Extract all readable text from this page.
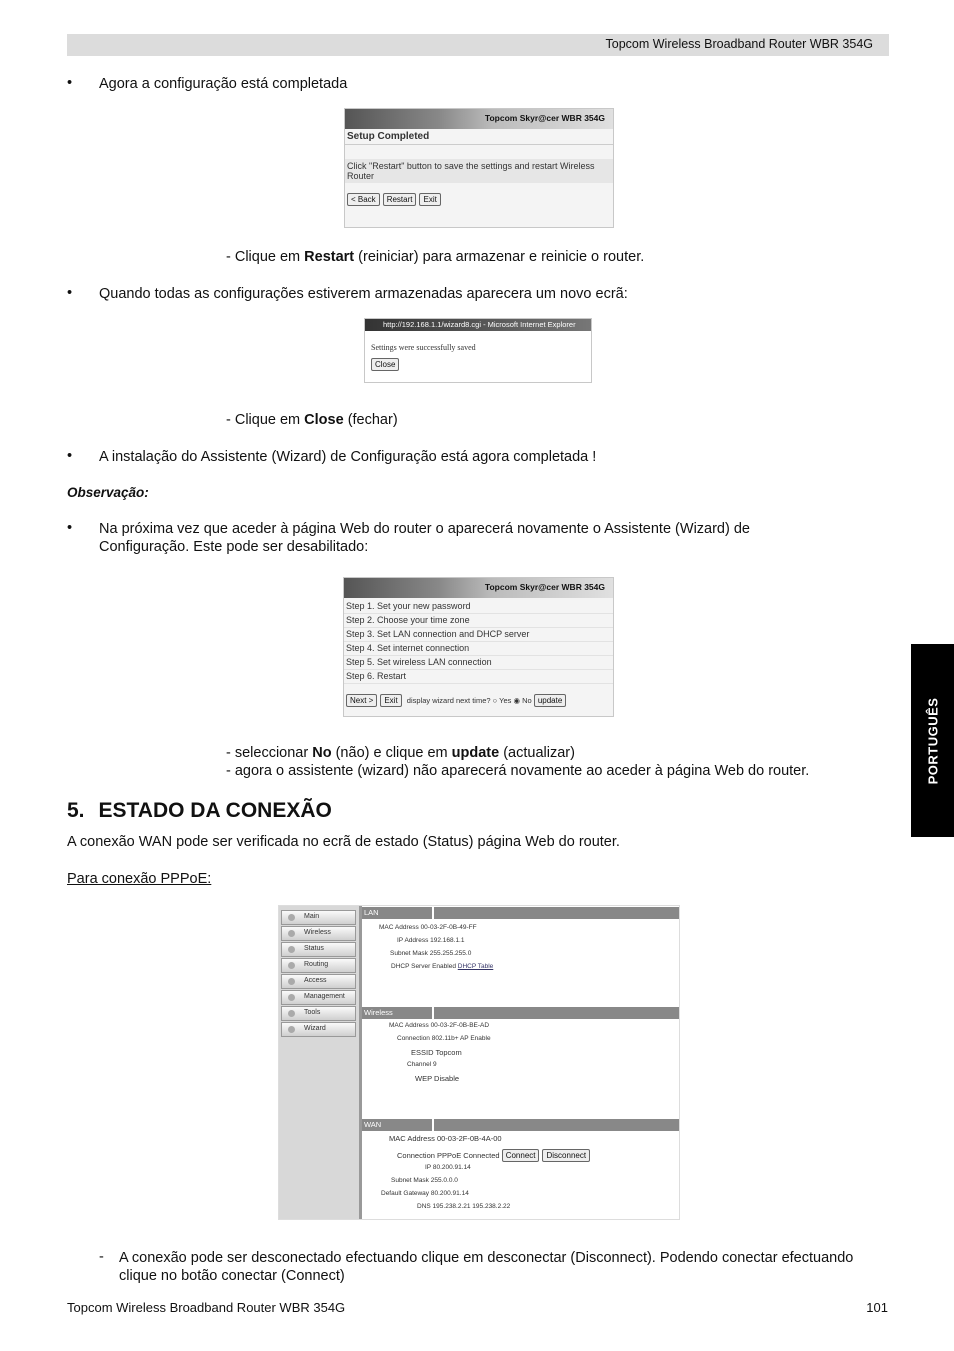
Topcom Wireless Broadband Router WBR 354G
• Agora a configuração está completada
Topcom Skyr@cer WBR 354G
Setup Completed
Click "Restart" button to save the settings and restart Wireless Router
< Back Restart Exit
- Clique em Restart (reiniciar) para armazenar e reinicie o router.
• Quando todas as configurações estiverem armazenadas aparecera um novo ecrã:
http://192.168.1.1/wizard8.cgi - Microsoft Internet Explorer
Settings were successfully saved
Close
- Clique em Close (fechar)
• A instalação do Assistente (Wizard) de Configuração está agora completada !
Observação:
• Na próxima vez que aceder à página Web do router o aparecerá novamente o Assistente (Wizard) de Configuração. Este pode ser desabilitado:
Topcom Skyr@cer WBR 354G
Step 1. Set your new password
Step 2. Choose your time zone
Step 3. Set LAN connection and DHCP server
Step 4. Set internet connection
Step 5. Set wireless LAN connection
Step 6. Restart
Next > Exit display wizard next time? ○ Yes ◉ No update
- seleccionar No (não) e clique em update (actualizar)
- agora o assistente (wizard) não aparecerá novamente ao aceder à página Web do router.
5. ESTADO DA CONEXÃO
A conexão WAN pode ser verificada no ecrã de estado (Status) página Web do router.
Para conexão PPPoE:
Main
Wireless
Status
Routing
Access
Management
Tools
Wizard
LAN
MAC Address 00-03-2F-0B-49-FF
IP Address 192.168.1.1
Subnet Mask 255.255.255.0
DHCP Server Enabled DHCP Table
Wireless
MAC Address 00-03-2F-0B-BE-AD
Connection 802.11b+ AP Enable
ESSID Topcom
Channel 9
WEP Disable
WAN
MAC Address 00-03-2F-0B-4A-00
Connection PPPoE Connected Connect Disconnect
IP 80.200.91.14
Subnet Mask 255.0.0.0
Default Gateway 80.200.91.14
DNS 195.238.2.21 195.238.2.22
- A conexão pode ser desconectado efectuando clique em desconectar (Disconnect). Podendo conectar efectuando clique no botão conectar (Connect)
PORTUGUÊS
Topcom Wireless Broadband Router WBR 354G	101
